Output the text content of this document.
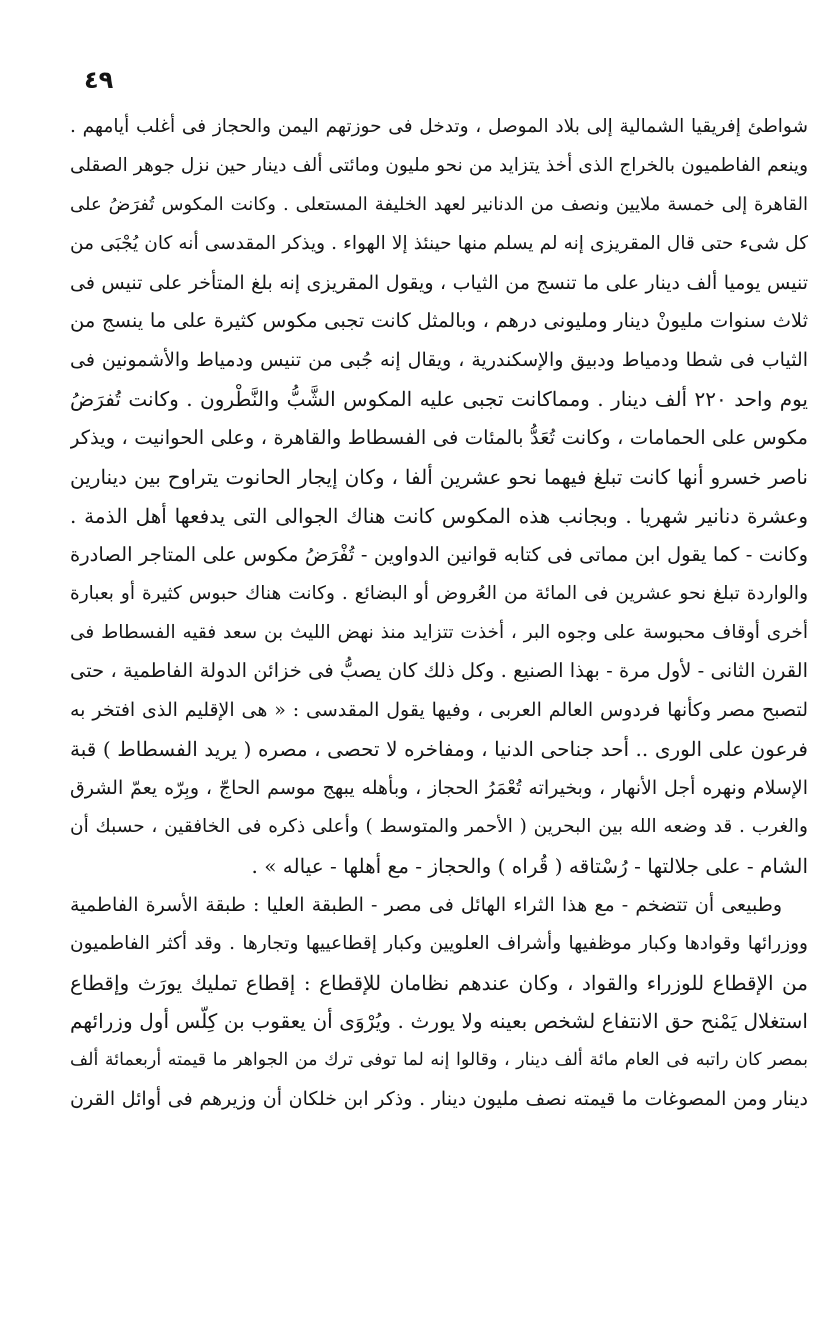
٤٩
شواطئ إفريقيا الشمالية إلى بلاد الموصل ، وتدخل فى حوزتهم اليمن والحجاز فى أغلب أيامهم .
وينعم الفاطميون بالخراج الذى أخذ يتزايد من نحو مليون ومائتى ألف دينار حين نزل جوهر الصقلى
القاهرة إلى خمسة ملايين ونصف من الدنانير لعهد الخليفة المستعلى . وكانت المكوس تُفرَضُ على
كل شىء حتى قال المقريزى إنه لم يسلم منها حينئذ إلا الهواء . ويذكر المقدسى أنه كان يُجْبَى من
تنيس يوميا ألف دينار على ما تنسج من الثياب ، ويقول المقريزى إنه بلغ المتأخر على تنيس فى
ثلاث سنوات مليونْ دينار ومليونى درهم ، وبالمثل كانت تجبى مكوس كثيرة على ما ينسج من
الثياب فى شطا ودمياط ودبيق والإسكندرية ، ويقال إنه جُبى من تنيس ودمياط والأشمونين فى
يوم واحد ٢٢٠ ألف دينار . ومماكانت تجبى عليه المكوس الشَّبُّ والنَّطْرون . وكانت تُفرَضُ
مكوس على الحمامات ، وكانت تُعَدُّ بالمئات فى الفسطاط والقاهرة ، وعلى الحوانيت ، ويذكر
ناصر خسرو أنها كانت تبلغ فيهما نحو عشرين ألفا ، وكان إيجار الحانوت يتراوح بين دينارين
وعشرة دنانير شهريا . وبجانب هذه المكوس كانت هناك الجوالى التى يدفعها أهل الذمة .
وكانت - كما يقول ابن مماتى فى كتابه قوانين الدواوين - تُفْرَضُ مكوس على المتاجر الصادرة
والواردة تبلغ نحو عشرين فى المائة من العُروض أو البضائع . وكانت هناك حبوس كثيرة أو بعبارة
أخرى أوقاف محبوسة على وجوه البر ، أخذت تتزايد منذ نهض الليث بن سعد فقيه الفسطاط فى
القرن الثانى - لأول مرة - بهذا الصنيع . وكل ذلك كان يصبُّ فى خزائن الدولة الفاطمية ، حتى
لتصبح مصر وكأنها فردوس العالم العربى ، وفيها يقول المقدسى : « هى الإقليم الذى افتخر به
فرعون على الورى .. أحد جناحى الدنيا ، ومفاخره لا تحصى ، مصره ( يريد الفسطاط ) قبة
الإسلام ونهره أجل الأنهار ، وبخيراته تُعْمَرُ الحجاز ، وبأهله يبهج موسم الحاجّ ، وبِرّه يعمّ الشرق
والغرب . قد وضعه الله بين البحرين ( الأحمر والمتوسط ) وأعلى ذكره فى الخافقين ، حسبك أن
الشام - على جلالتها - رُسْتاقه ( قُراه ) والحجاز - مع أهلها - عياله » .
وطبيعى أن تتضخم - مع هذا الثراء الهائل فى مصر - الطبقة العليا : طبقة الأسرة الفاطمية
ووزرائها وقوادها وكبار موظفيها وأشراف العلويين وكبار إقطاعييها وتجارها . وقد أكثر الفاطميون
من الإقطاع للوزراء والقواد ، وكان عندهم نظامان للإقطاع : إقطاع تمليك يورَث وإقطاع
استغلال يَمْنح حق الانتفاع لشخص بعينه ولا يورث . ويُرْوَى أن يعقوب بن كِلّس أول وزرائهم
بمصر كان راتبه فى العام مائة ألف دينار ، وقالوا إنه لما توفى ترك من الجواهر ما قيمته أربعمائة ألف
دينار ومن المصوغات ما قيمته نصف مليون دينار . وذكر ابن خلكان أن وزيرهم فى أوائل القرن
